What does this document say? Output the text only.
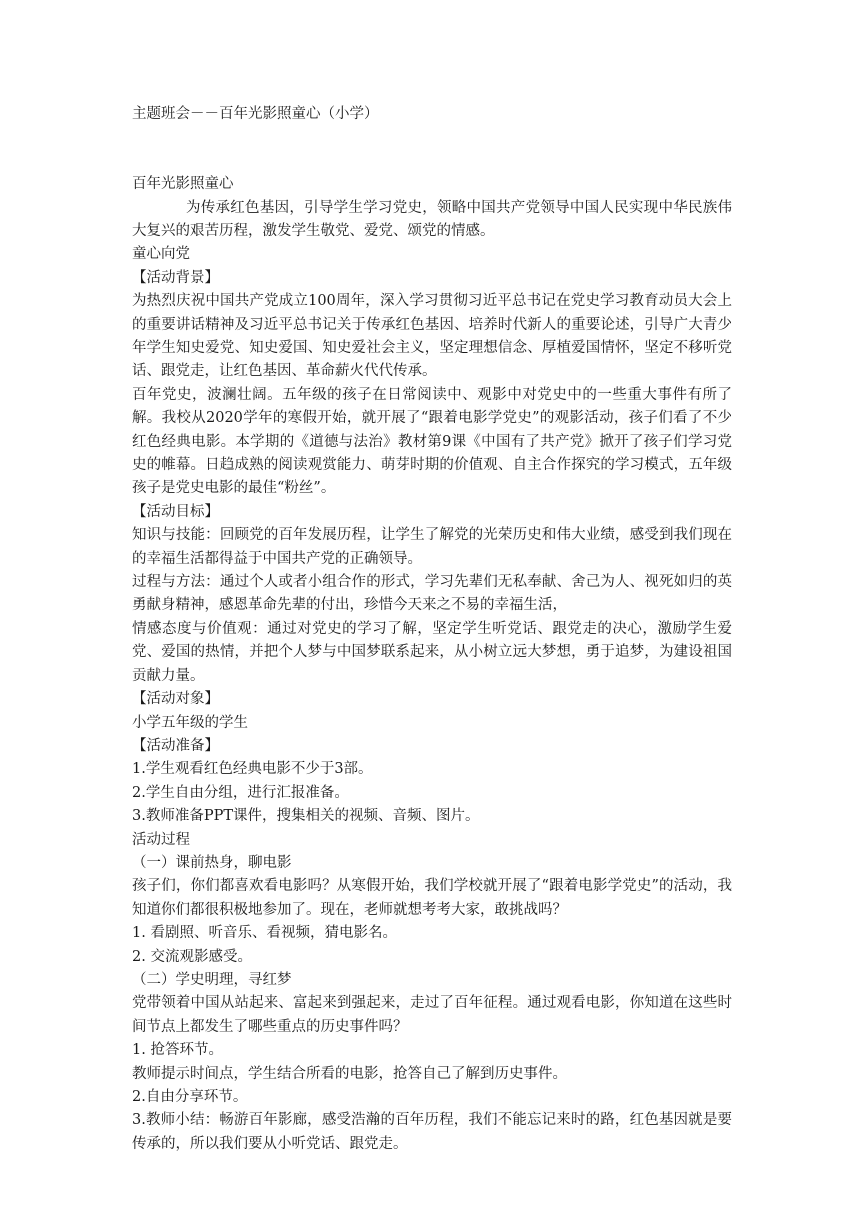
主题班会－－百年光影照童心（小学）

百年光影照童心

为传承红色基因，引导学生学习党史，领略中国共产党领导中国人民实现中华民族伟大复兴的艰苦历程，激发学生敬党、爱党、颂党的情感。

童心向党

【活动背景】

为热烈庆祝中国共产党成立100周年，深入学习贯彻习近平总书记在党史学习教育动员大会上的重要讲话精神及习近平总书记关于传承红色基因、培养时代新人的重要论述，引导广大青少年学生知史爱党、知史爱国、知史爱社会主义，坚定理想信念、厚植爱国情怀，坚定不移听党话、跟党走，让红色基因、革命薪火代代传承。

百年党史，波澜壮阔。五年级的孩子在日常阅读中、观影中对党史中的一些重大事件有所了解。我校从2020学年的寒假开始，就开展了“跟着电影学党史”的观影活动，孩子们看了不少红色经典电影。本学期的《道德与法治》教材第9课《中国有了共产党》掀开了孩子们学习党史的帷幕。日趋成熟的阅读观赏能力、萌芽时期的价值观、自主合作探究的学习模式，五年级孩子是党史电影的最佳“粉丝”。

【活动目标】

知识与技能：回顾党的百年发展历程，让学生了解党的光荣历史和伟大业绩，感受到我们现在的幸福生活都得益于中国共产党的正确领导。

过程与方法：通过个人或者小组合作的形式，学习先辈们无私奉献、舍己为人、视死如归的英勇献身精神，感恩革命先辈的付出，珍惜今天来之不易的幸福生活，

情感态度与价值观：通过对党史的学习了解，坚定学生听党话、跟党走的决心，激励学生爱党、爱国的热情，并把个人梦与中国梦联系起来，从小树立远大梦想，勇于追梦，为建设祖国贡献力量。

【活动对象】

小学五年级的学生

【活动准备】

1.学生观看红色经典电影不少于3部。

2.学生自由分组，进行汇报准备。

3.教师准备PPT课件，搜集相关的视频、音频、图片。

活动过程

（一）课前热身，聊电影

孩子们，你们都喜欢看电影吗？从寒假开始，我们学校就开展了“跟着电影学党史”的活动，我知道你们都很积极地参加了。现在，老师就想考考大家，敢挑战吗？

1. 看剧照、听音乐、看视频，猜电影名。

2. 交流观影感受。

（二）学史明理，寻红梦

党带领着中国从站起来、富起来到强起来，走过了百年征程。通过观看电影，你知道在这些时间节点上都发生了哪些重点的历史事件吗？

1. 抢答环节。

教师提示时间点，学生结合所看的电影，抢答自己了解到历史事件。

2.自由分享环节。

3.教师小结：畅游百年影廊，感受浩瀚的百年历程，我们不能忘记来时的路，红色基因就是要传承的，所以我们要从小听党话、跟党走。
